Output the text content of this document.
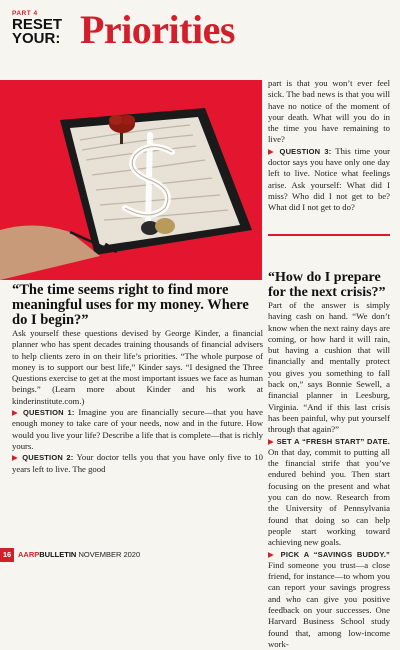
PART 4
RESET
YOUR: Priorities

“The time seems right to find more meaningful uses for my money. Where do I begin?”

Ask yourself these questions devised by George Kinder, a financial planner who has spent decades training thousands of financial advisers to help clients zero in on their life’s priorities. “The whole purpose of money is to support our best life,” Kinder says. “I designed the Three Questions exercise to get at the most important issues we face as human beings.” (Learn more about Kinder and his work at kinderinstitute.com.)

▶ QUESTION 1: Imagine you are financially secure—that you have enough money to take care of your needs, now and in the future. How would you live your life? Describe a life that is complete—that is richly yours.

▶ QUESTION 2: Your doctor tells you that you have only five to 10 years left to live. The good

part is that you won’t ever feel sick. The bad news is that you will have no notice of the moment of your death. What will you do in the time you have remaining to live?

▶ QUESTION 3: This time your doctor says you have only one day left to live. Notice what feelings arise. Ask yourself: What did I miss? Who did I not get to be? What did I not get to do?

“How do I prepare for the next crisis?”

Part of the answer is simply having cash on hand. “We don’t know when the next rainy days are coming, or how hard it will rain, but having a cushion that will financially and mentally protect you gives you something to fall back on,” says Bonnie Sewell, a financial planner in Leesburg, Virginia. “And if this last crisis has been painful, why put yourself through that again?”

▶ SET A “FRESH START” DATE. On that day, commit to putting all the financial strife that you’ve endured behind you. Then start focusing on the present and what you can do now. Research from the University of Pennsylvania found that doing so can help people start working toward achieving new goals.

▶ PICK A “SAVINGS BUDDY.” Find someone you trust—a close friend, for instance—to whom you can report your savings progress and who can give you positive feedback on your successes. One Harvard Business School study found that, among low-income work-

16 AARPBULLETIN NOVEMBER 2020
